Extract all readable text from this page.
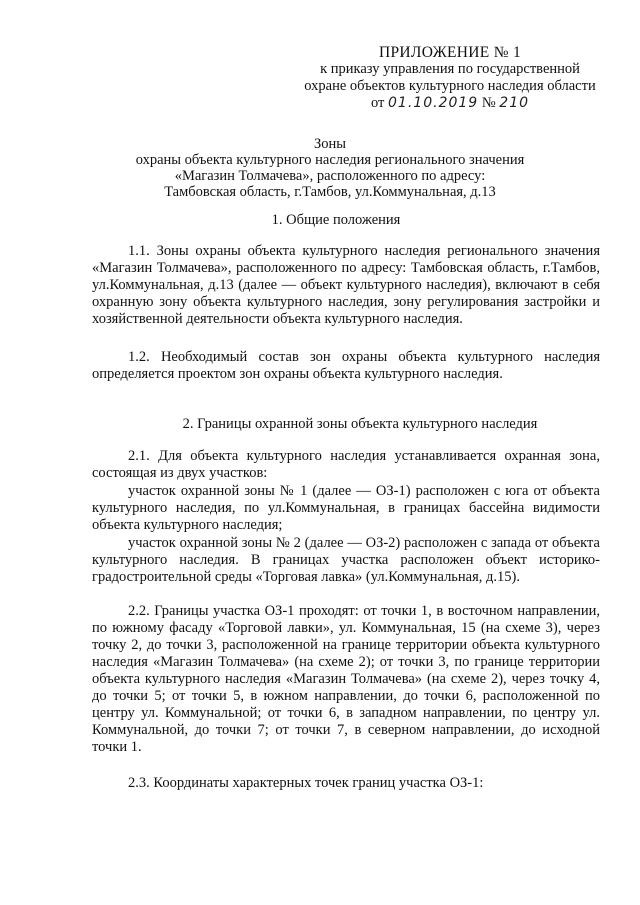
ПРИЛОЖЕНИЕ № 1
к приказу управления по государственной
охране объектов культурного наследия области
от 01.10.2019 № 210
Зоны
охраны объекта культурного наследия регионального значения
«Магазин Толмачева», расположенного по адресу:
Тамбовская область, г.Тамбов, ул.Коммунальная, д.13
1. Общие положения
1.1. Зоны охраны объекта культурного наследия регионального значения «Магазин Толмачева», расположенного по адресу: Тамбовская область, г.Тамбов, ул.Коммунальная, д.13 (далее — объект культурного наследия), включают в себя охранную зону объекта культурного наследия, зону регулирования застройки и хозяйственной деятельности объекта культурного наследия.
1.2. Необходимый состав зон охраны объекта культурного наследия определяется проектом зон охраны объекта культурного наследия.
2. Границы охранной зоны объекта культурного наследия
2.1. Для объекта культурного наследия устанавливается охранная зона, состоящая из двух участков:
участок охранной зоны № 1 (далее — ОЗ-1) расположен с юга от объекта культурного наследия, по ул.Коммунальная, в границах бассейна видимости объекта культурного наследия;
участок охранной зоны № 2 (далее — ОЗ-2) расположен с запада от объекта культурного наследия. В границах участка расположен объект историко-градостроительной среды «Торговая лавка» (ул.Коммунальная, д.15).
2.2. Границы участка ОЗ-1 проходят: от точки 1, в восточном направлении, по южному фасаду «Торговой лавки», ул. Коммунальная, 15 (на схеме 3), через точку 2, до точки 3, расположенной на границе территории объекта культурного наследия «Магазин Толмачева» (на схеме 2); от точки 3, по границе территории объекта культурного наследия «Магазин Толмачева» (на схеме 2), через точку 4, до точки 5; от точки 5, в южном направлении, до точки 6, расположенной по центру ул. Коммунальной; от точки 6, в западном направлении, по центру ул. Коммунальной, до точки 7; от точки 7, в северном направлении, до исходной точки 1.
2.3. Координаты характерных точек границ участка ОЗ-1:
